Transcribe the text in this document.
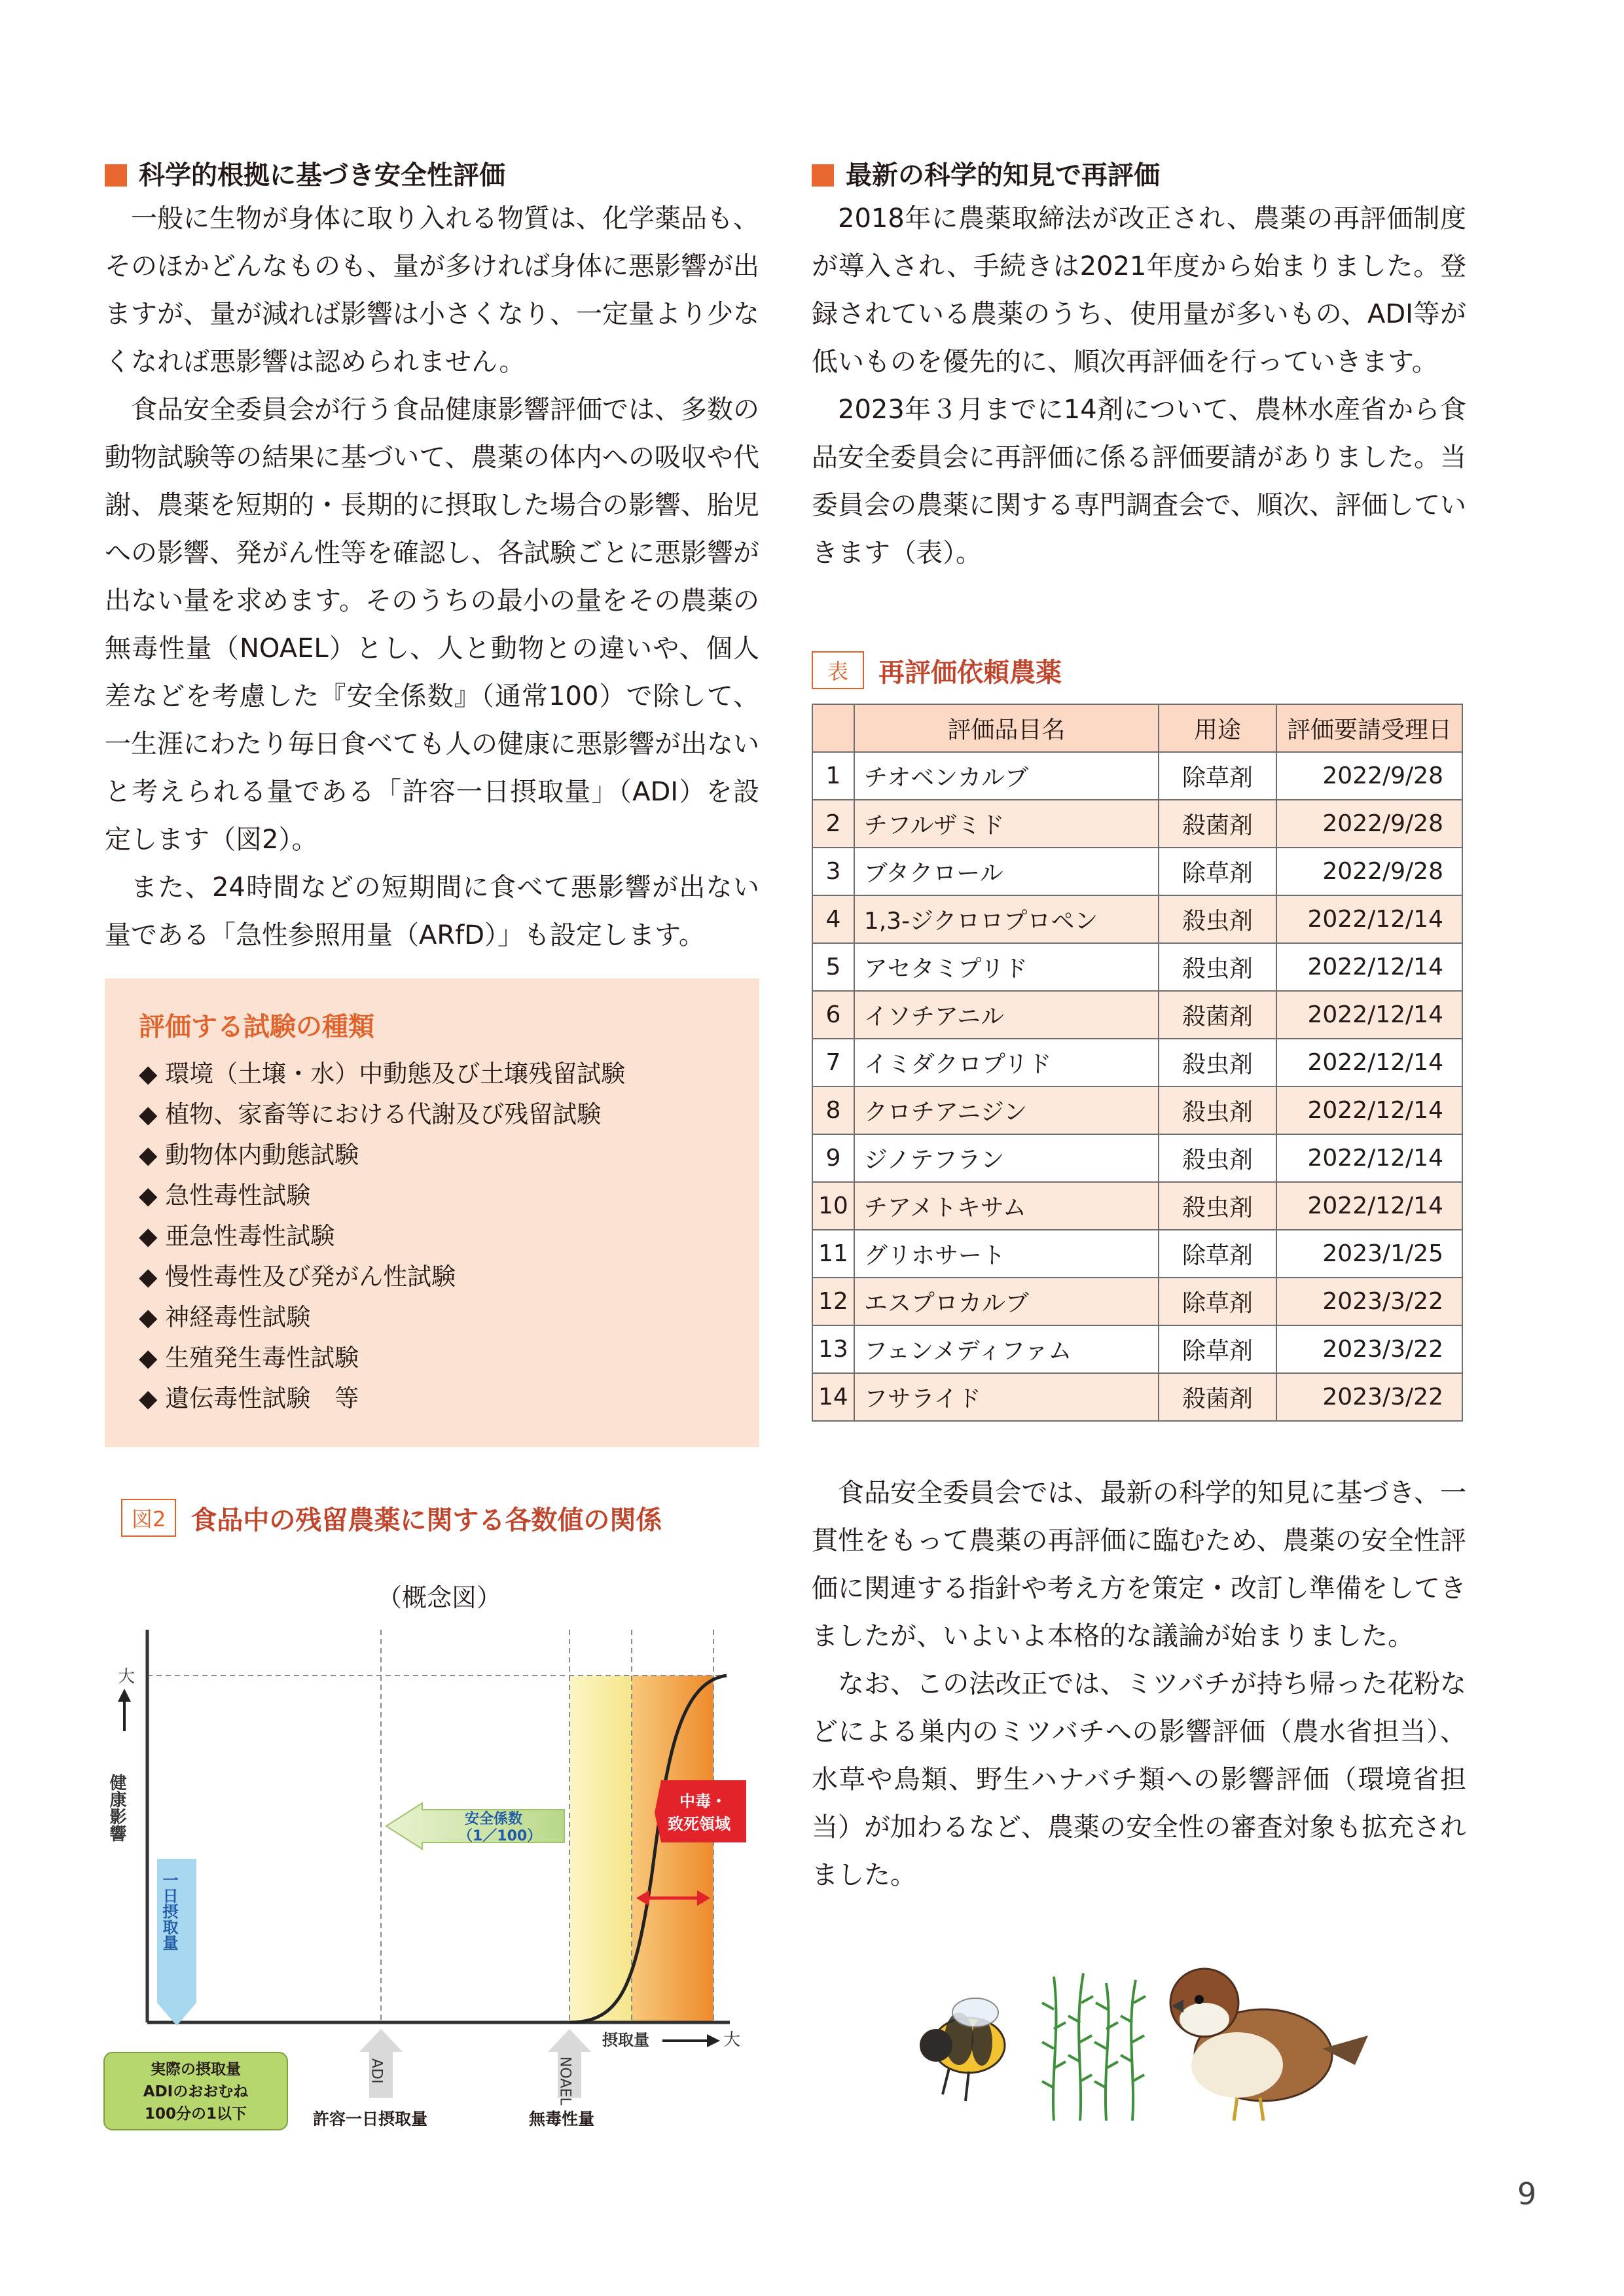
科学的根拠に基づき安全性評価

一般に生物が身体に取り入れる物質は、化学薬品も、そのほかどんなものも、量が多ければ身体に悪影響が出ますが、量が減れば影響は小さくなり、一定量より少なくなれば悪影響は認められません。

食品安全委員会が行う食品健康影響評価では、多数の動物試験等の結果に基づいて、農薬の体内への吸収や代謝、農薬を短期的・長期的に摂取した場合の影響、胎児への影響、発がん性等を確認し、各試験ごとに悪影響が出ない量を求めます。そのうちの最小の量をその農薬の無毒性量（NOAEL）とし、人と動物との違いや、個人差などを考慮した『安全係数』（通常100）で除して、一生涯にわたり毎日食べても人の健康に悪影響が出ないと考えられる量である「許容一日摂取量」（ADI）を設定します（図2）。

また、24時間などの短期間に食べて悪影響が出ない量である「急性参照用量（ARfD）」も設定します。

評価する試験の種類
◆ 環境（土壌・水）中動態及び土壌残留試験
◆ 植物、家畜等における代謝及び残留試験
◆ 動物体内動態試験
◆ 急性毒性試験
◆ 亜急性毒性試験
◆ 慢性毒性及び発がん性試験
◆ 神経毒性試験
◆ 生殖発生毒性試験
◆ 遺伝毒性試験　等
図2 食品中の残留農薬に関する各数値の関係
（概念図）
大
健康影響	中毒・
致死領域
安全係数
（1／100）
一日摂取量
ADI	NOAEL
摂取量	大
実際の摂取量
ADIのおおむね
100分の1以下	許容一日摂取量	無毒性量
最新の科学的知見で再評価

2018年に農薬取締法が改正され、農薬の再評価制度が導入され、手続きは2021年度から始まりました。登録されている農薬のうち、使用量が多いもの、ADI等が低いものを優先的に、順次再評価を行っていきます。

2023年３月までに14剤について、農林水産省から食品安全委員会に再評価に係る評価要請がありました。当委員会の農薬に関する専門調査会で、順次、評価していきます（表）。

表	再評価依頼農薬
	評価品目名	用途	評価要請受理日
1	チオベンカルブ	除草剤	2022/9/28
2	チフルザミド	殺菌剤	2022/9/28
3	ブタクロール	除草剤	2022/9/28
4	1,3-ジクロロプロペン	殺虫剤	2022/12/14
5	アセタミプリド	殺虫剤	2022/12/14
6	イソチアニル	殺菌剤	2022/12/14
7	イミダクロプリド	殺虫剤	2022/12/14
8	クロチアニジン	殺虫剤	2022/12/14
9	ジノテフラン	殺虫剤	2022/12/14
10	チアメトキサム	殺虫剤	2022/12/14
11	グリホサート	除草剤	2023/1/25
12	エスプロカルブ	除草剤	2023/3/22
13	フェンメディファム	除草剤	2023/3/22
14	フサライド	殺菌剤	2023/3/22

食品安全委員会では、最新の科学的知見に基づき、一貫性をもって農薬の再評価に臨むため、農薬の安全性評価に関連する指針や考え方を策定・改訂し準備をしてきましたが、いよいよ本格的な議論が始まりました。

なお、この法改正では、ミツバチが持ち帰った花粉などによる巣内のミツバチへの影響評価（農水省担当）、水草や鳥類、野生ハナバチ類への影響評価（環境省担当）が加わるなど、農薬の安全性の審査対象も拡充されました。

9
